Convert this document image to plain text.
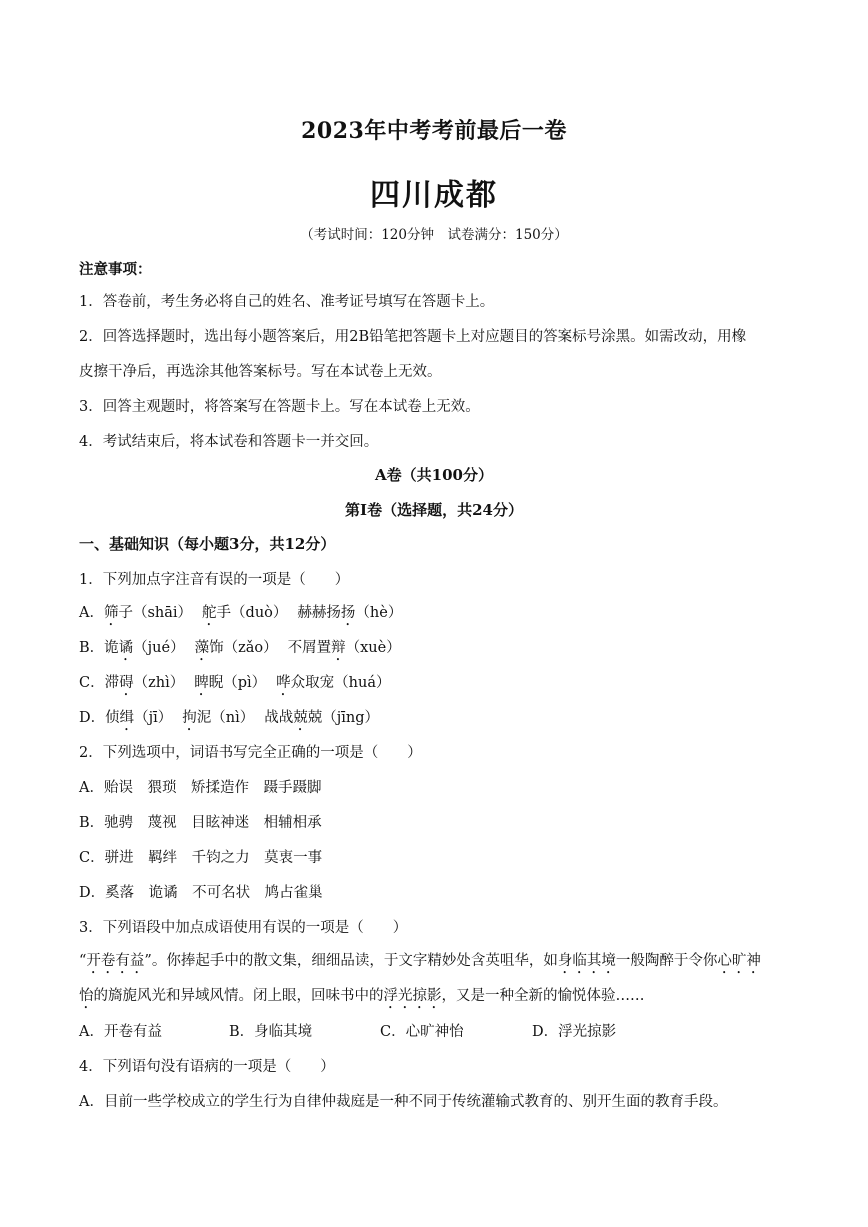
2023年中考考前最后一卷
四川成都
（考试时间：120分钟　试卷满分：150分）
注意事项：
1．答卷前，考生务必将自己的姓名、准考证号填写在答题卡上。
2．回答选择题时，选出每小题答案后，用2B铅笔把答题卡上对应题目的答案标号涂黑。如需改动，用橡
皮擦干净后，再选涂其他答案标号。写在本试卷上无效。
3．回答主观题时，将答案写在答题卡上。写在本试卷上无效。
4．考试结束后，将本试卷和答题卡一并交回。
A卷（共100分）
第Ⅰ卷（选择题，共24分）
一、基础知识（每小题3分，共12分）
1．下列加点字注音有误的一项是（　　）
A．筛子（shāi） 舵手（duò） 赫赫扬扬（hè）
B．诡谲（jué） 藻饰（zǎo） 不屑置辩（xuè）
C．滞碍（zhì） 睥睨（pì） 哗众取宠（huá）
D．侦缉（jī） 拘泥（nì） 战战兢兢（jīng）
2．下列选项中，词语书写完全正确的一项是（　　）
A．贻误　猥琐　矫揉造作　蹑手蹑脚
B．驰骋　蔑视　目眩神迷　相辅相承
C．骈进　羁绊　千钧之力　莫衷一事
D．奚落　诡谲　不可名状　鸠占雀巢
3．下列语段中加点成语使用有误的一项是（　　）
“开卷有益”。你捧起手中的散文集，细细品读，于文字精妙处含英咀华，如身临其境一般陶醉于令你心旷神
怡的旖旎风光和异域风情。闭上眼，回味书中的浮光掠影，又是一种全新的愉悦体验……
A．开卷有益	B．身临其境	C．心旷神怡	D．浮光掠影
4．下列语句没有语病的一项是（　　）
A．目前一些学校成立的学生行为自律仲裁庭是一种不同于传统灌输式教育的、别开生面的教育手段。
